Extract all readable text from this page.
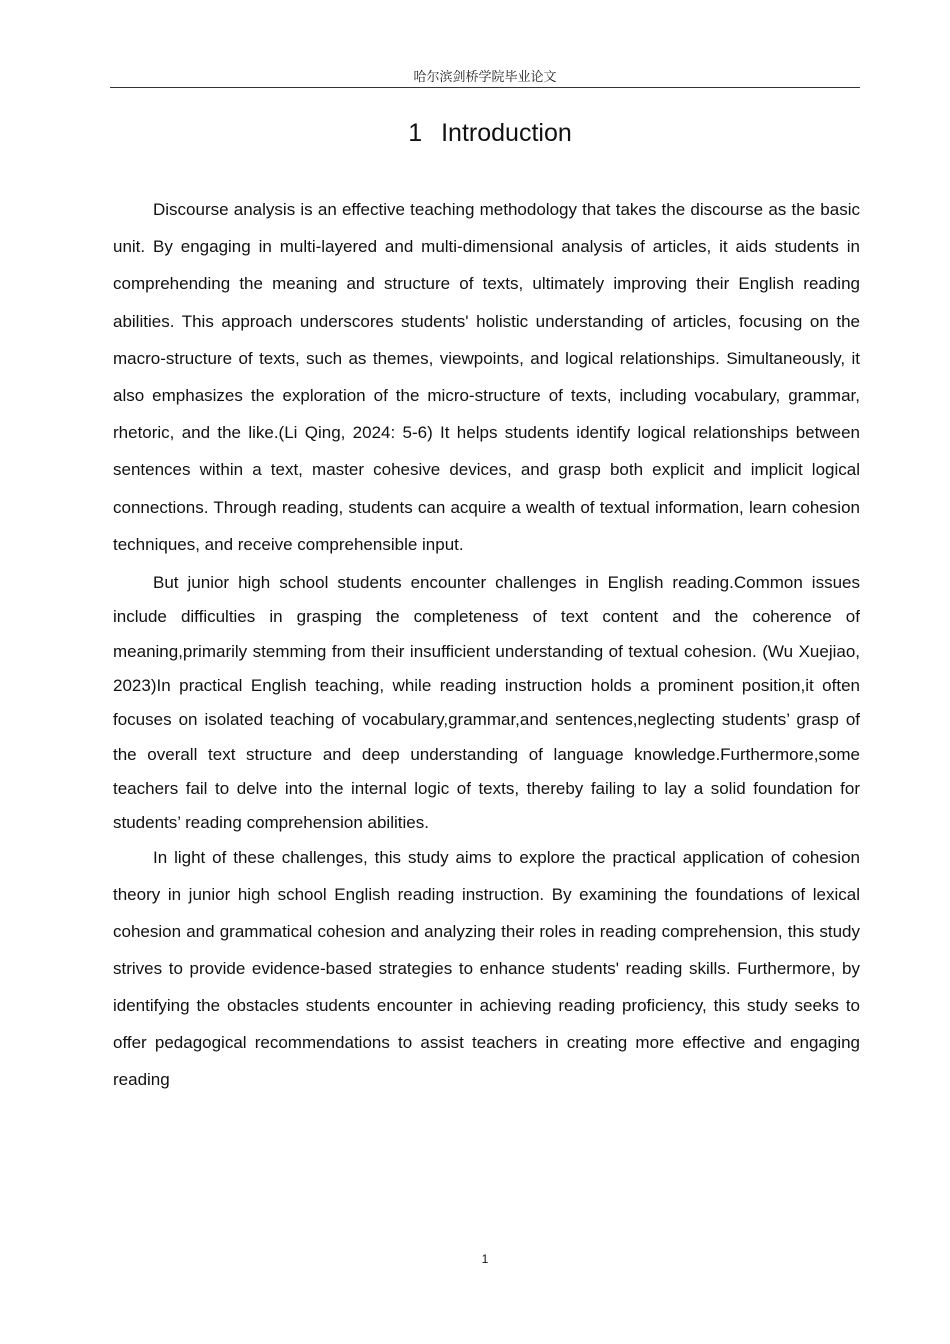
哈尔滨剑桥学院毕业论文
1 Introduction

Discourse analysis is an effective teaching methodology that takes the discourse as the basic unit. By engaging in multi-layered and multi-dimensional analysis of articles, it aids students in comprehending the meaning and structure of texts, ultimately improving their English reading abilities. This approach underscores students' holistic understanding of articles, focusing on the macro-structure of texts, such as themes, viewpoints, and logical relationships. Simultaneously, it also emphasizes the exploration of the micro-structure of texts, including vocabulary, grammar, rhetoric, and the like.(Li Qing, 2024: 5-6) It helps students identify logical relationships between sentences within a text, master cohesive devices, and grasp both explicit and implicit logical connections. Through reading, students can acquire a wealth of textual information, learn cohesion techniques, and receive comprehensible input.

But junior high school students encounter challenges in English reading.Common issues include difficulties in grasping the completeness of text content and the coherence of meaning,primarily stemming from their insufficient understanding of textual cohesion. (Wu Xuejiao, 2023)In practical English teaching, while reading instruction holds a prominent position,it often focuses on isolated teaching of vocabulary,grammar,and sentences,neglecting students’ grasp of the overall text structure and deep understanding of language knowledge.Furthermore,some teachers fail to delve into the internal logic of texts, thereby failing to lay a solid foundation for students’ reading comprehension abilities.

In light of these challenges, this study aims to explore the practical application of cohesion theory in junior high school English reading instruction. By examining the foundations of lexical cohesion and grammatical cohesion and analyzing their roles in reading comprehension, this study strives to provide evidence-based strategies to enhance students' reading skills. Furthermore, by identifying the obstacles students encounter in achieving reading proficiency, this study seeks to offer pedagogical recommendations to assist teachers in creating more effective and engaging reading

1
